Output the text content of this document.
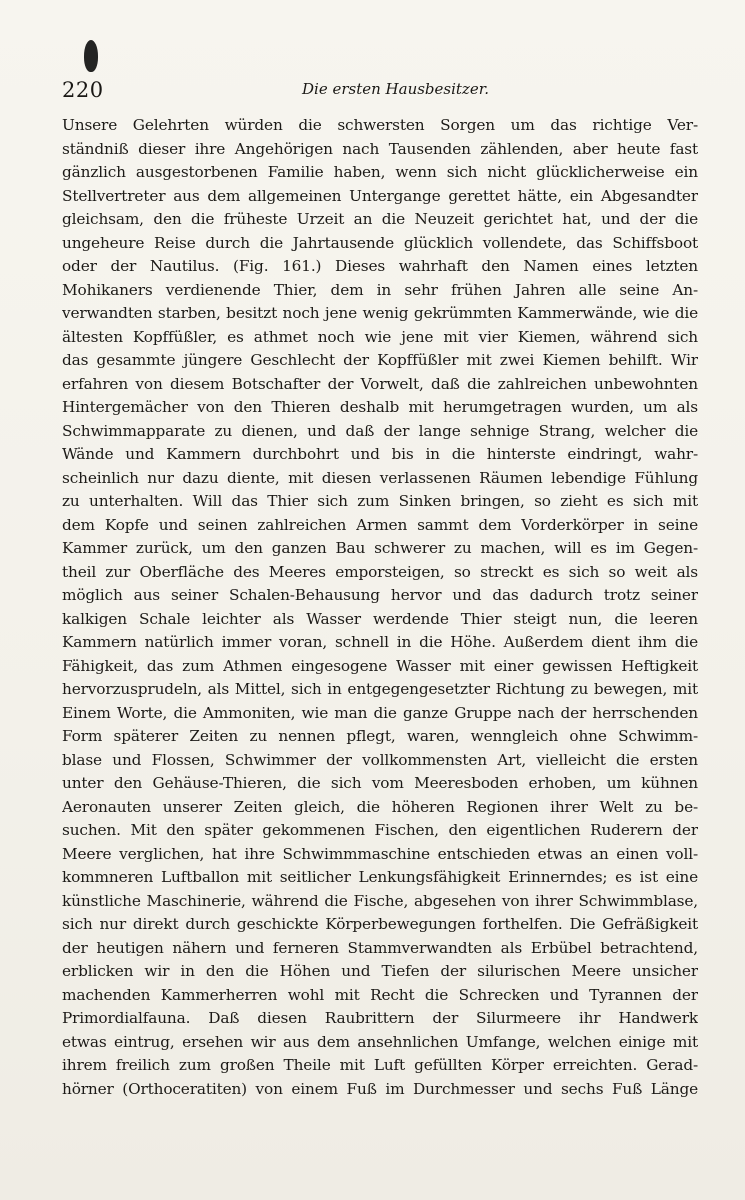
220	Die ersten Hausbesitzer.
Unsere Gelehrten würden die schwersten Sorgen um das richtige Ver-
ständniß dieser ihre Angehörigen nach Tausenden zählenden, aber heute fast
gänzlich ausgestorbenen Familie haben, wenn sich nicht glücklicherweise ein
Stellvertreter aus dem allgemeinen Untergange gerettet hätte, ein Abgesandter
gleichsam, den die früheste Urzeit an die Neuzeit gerichtet hat, und der die
ungeheure Reise durch die Jahrtausende glücklich vollendete, das Schiffsboot
oder der Nautilus. (Fig. 161.) Dieses wahrhaft den Namen eines letzten
Mohikaners verdienende Thier, dem in sehr frühen Jahren alle seine An-
verwandten starben, besitzt noch jene wenig gekrümmten Kammerwände, wie die
ältesten Kopffüßler, es athmet noch wie jene mit vier Kiemen, während sich
das gesammte jüngere Geschlecht der Kopffüßler mit zwei Kiemen behilft. Wir
erfahren von diesem Botschafter der Vorwelt, daß die zahlreichen unbewohnten
Hintergemächer von den Thieren deshalb mit herumgetragen wurden, um als
Schwimmapparate zu dienen, und daß der lange sehnige Strang, welcher die
Wände und Kammern durchbohrt und bis in die hinterste eindringt, wahr-
scheinlich nur dazu diente, mit diesen verlassenen Räumen lebendige Fühlung
zu unterhalten. Will das Thier sich zum Sinken bringen, so zieht es sich mit
dem Kopfe und seinen zahlreichen Armen sammt dem Vorderkörper in seine
Kammer zurück, um den ganzen Bau schwerer zu machen, will es im Gegen-
theil zur Oberfläche des Meeres emporsteigen, so streckt es sich so weit als
möglich aus seiner Schalen-Behausung hervor und das dadurch trotz seiner
kalkigen Schale leichter als Wasser werdende Thier steigt nun, die leeren
Kammern natürlich immer voran, schnell in die Höhe. Außerdem dient ihm die
Fähigkeit, das zum Athmen eingesogene Wasser mit einer gewissen Heftigkeit
hervorzusprudeln, als Mittel, sich in entgegengesetzter Richtung zu bewegen, mit
Einem Worte, die Ammoniten, wie man die ganze Gruppe nach der herrschenden
Form späterer Zeiten zu nennen pflegt, waren, wenngleich ohne Schwimm-
blase und Flossen, Schwimmer der vollkommensten Art, vielleicht die ersten
unter den Gehäuse-Thieren, die sich vom Meeresboden erhoben, um kühnen
Aeronauten unserer Zeiten gleich, die höheren Regionen ihrer Welt zu be-
suchen. Mit den später gekommenen Fischen, den eigentlichen Ruderern der
Meere verglichen, hat ihre Schwimmmaschine entschieden etwas an einen voll-
kommneren Luftballon mit seitlicher Lenkungsfähigkeit Erinnerndes; es ist eine
künstliche Maschinerie, während die Fische, abgesehen von ihrer Schwimmblase,
sich nur direkt durch geschickte Körperbewegungen forthelfen. Die Gefräßigkeit
der heutigen nähern und ferneren Stammverwandten als Erbübel betrachtend,
erblicken wir in den die Höhen und Tiefen der silurischen Meere unsicher
machenden Kammerherren wohl mit Recht die Schrecken und Tyrannen der
Primordialfauna. Daß diesen Raubrittern der Silurmeere ihr Handwerk
etwas eintrug, ersehen wir aus dem ansehnlichen Umfange, welchen einige mit
ihrem freilich zum großen Theile mit Luft gefüllten Körper erreichten. Gerad-
hörner (Orthoceratiten) von einem Fuß im Durchmesser und sechs Fuß Länge
